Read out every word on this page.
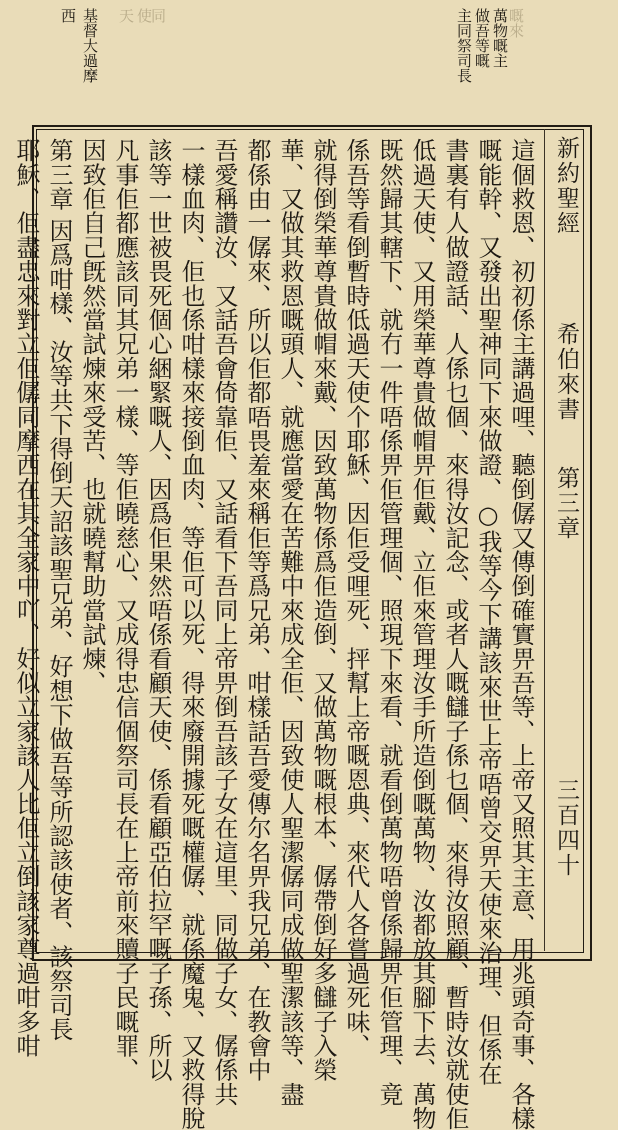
西 基督大過摩 天 使
同	主同祭司長 做吾等嘅 萬物嘅主
嘅來
新約聖經
希伯來書
第三章
三百四十
這個救恩、初初係主講過哩、聽倒僝又傳倒確實畀吾等、上帝又照其主意、用兆頭奇事、各樣
嘅能幹、又發出聖神同下來做證、○我等今下講該來世上帝唔曾交畀天使來治理、但係在
書裏有人做證話、人係乜個、來得汝記念、或者人嘅讎子係乜個、來得汝照顧、暫時汝就使佢
低過天使、又用榮華尊貴做帽畀佢戴、立佢來管理汝手所造倒嘅萬物、汝都放其腳下去、萬物
既然歸其轄下、就冇一件唔係畀佢管理個、照現下來看、就看倒萬物唔曾係歸畀佢管理、竟
係吾等看倒暫時低過天使个耶穌、因佢受哩死、抨幫上帝嘅恩典、來代人各嘗過死味、
就得倒榮華尊貴做帽來戴、因致萬物係爲佢造倒、又做萬物嘅根本、僝帶倒好多讎子入榮
華、又做其救恩嘅頭人、就應當愛在苦難中來成全佢、因致使人聖潔僝同成做聖潔該等、盡
都係由一僝來、所以佢都唔畏羞來稱佢等爲兄弟、咁樣話吾愛傳尔名畀我兄弟、在教會中
吾愛稱讚汝、又話吾會倚靠佢、又話看下吾同上帝畀倒吾該子女在這里、同做子女、僝係共
一樣血肉、佢也係咁樣來接倒血肉、等佢可以死、得來廢開據死嘅權僝、就係魔鬼、又救得脫
該等一世被畏死個心綑緊嘅人、因爲佢果然唔係看顧天使、係看顧亞伯拉罕嘅子孫、所以
凡事佢都應該同其兄弟一樣、等佢曉慈心、又成得忠信個祭司長在上帝前來贖子民嘅罪、
因致佢自己旣然當試煉來受苦、也就曉幫助當試煉、
第三章 因爲咁樣、汝等共下得倒天詔該聖兄弟、好想下做吾等所認該使者、該祭司長
耶穌、佢盡忠來對立佢僝同摩西在其全家中吖、好似立家該人比佢立倒該家尊過咁多咁
